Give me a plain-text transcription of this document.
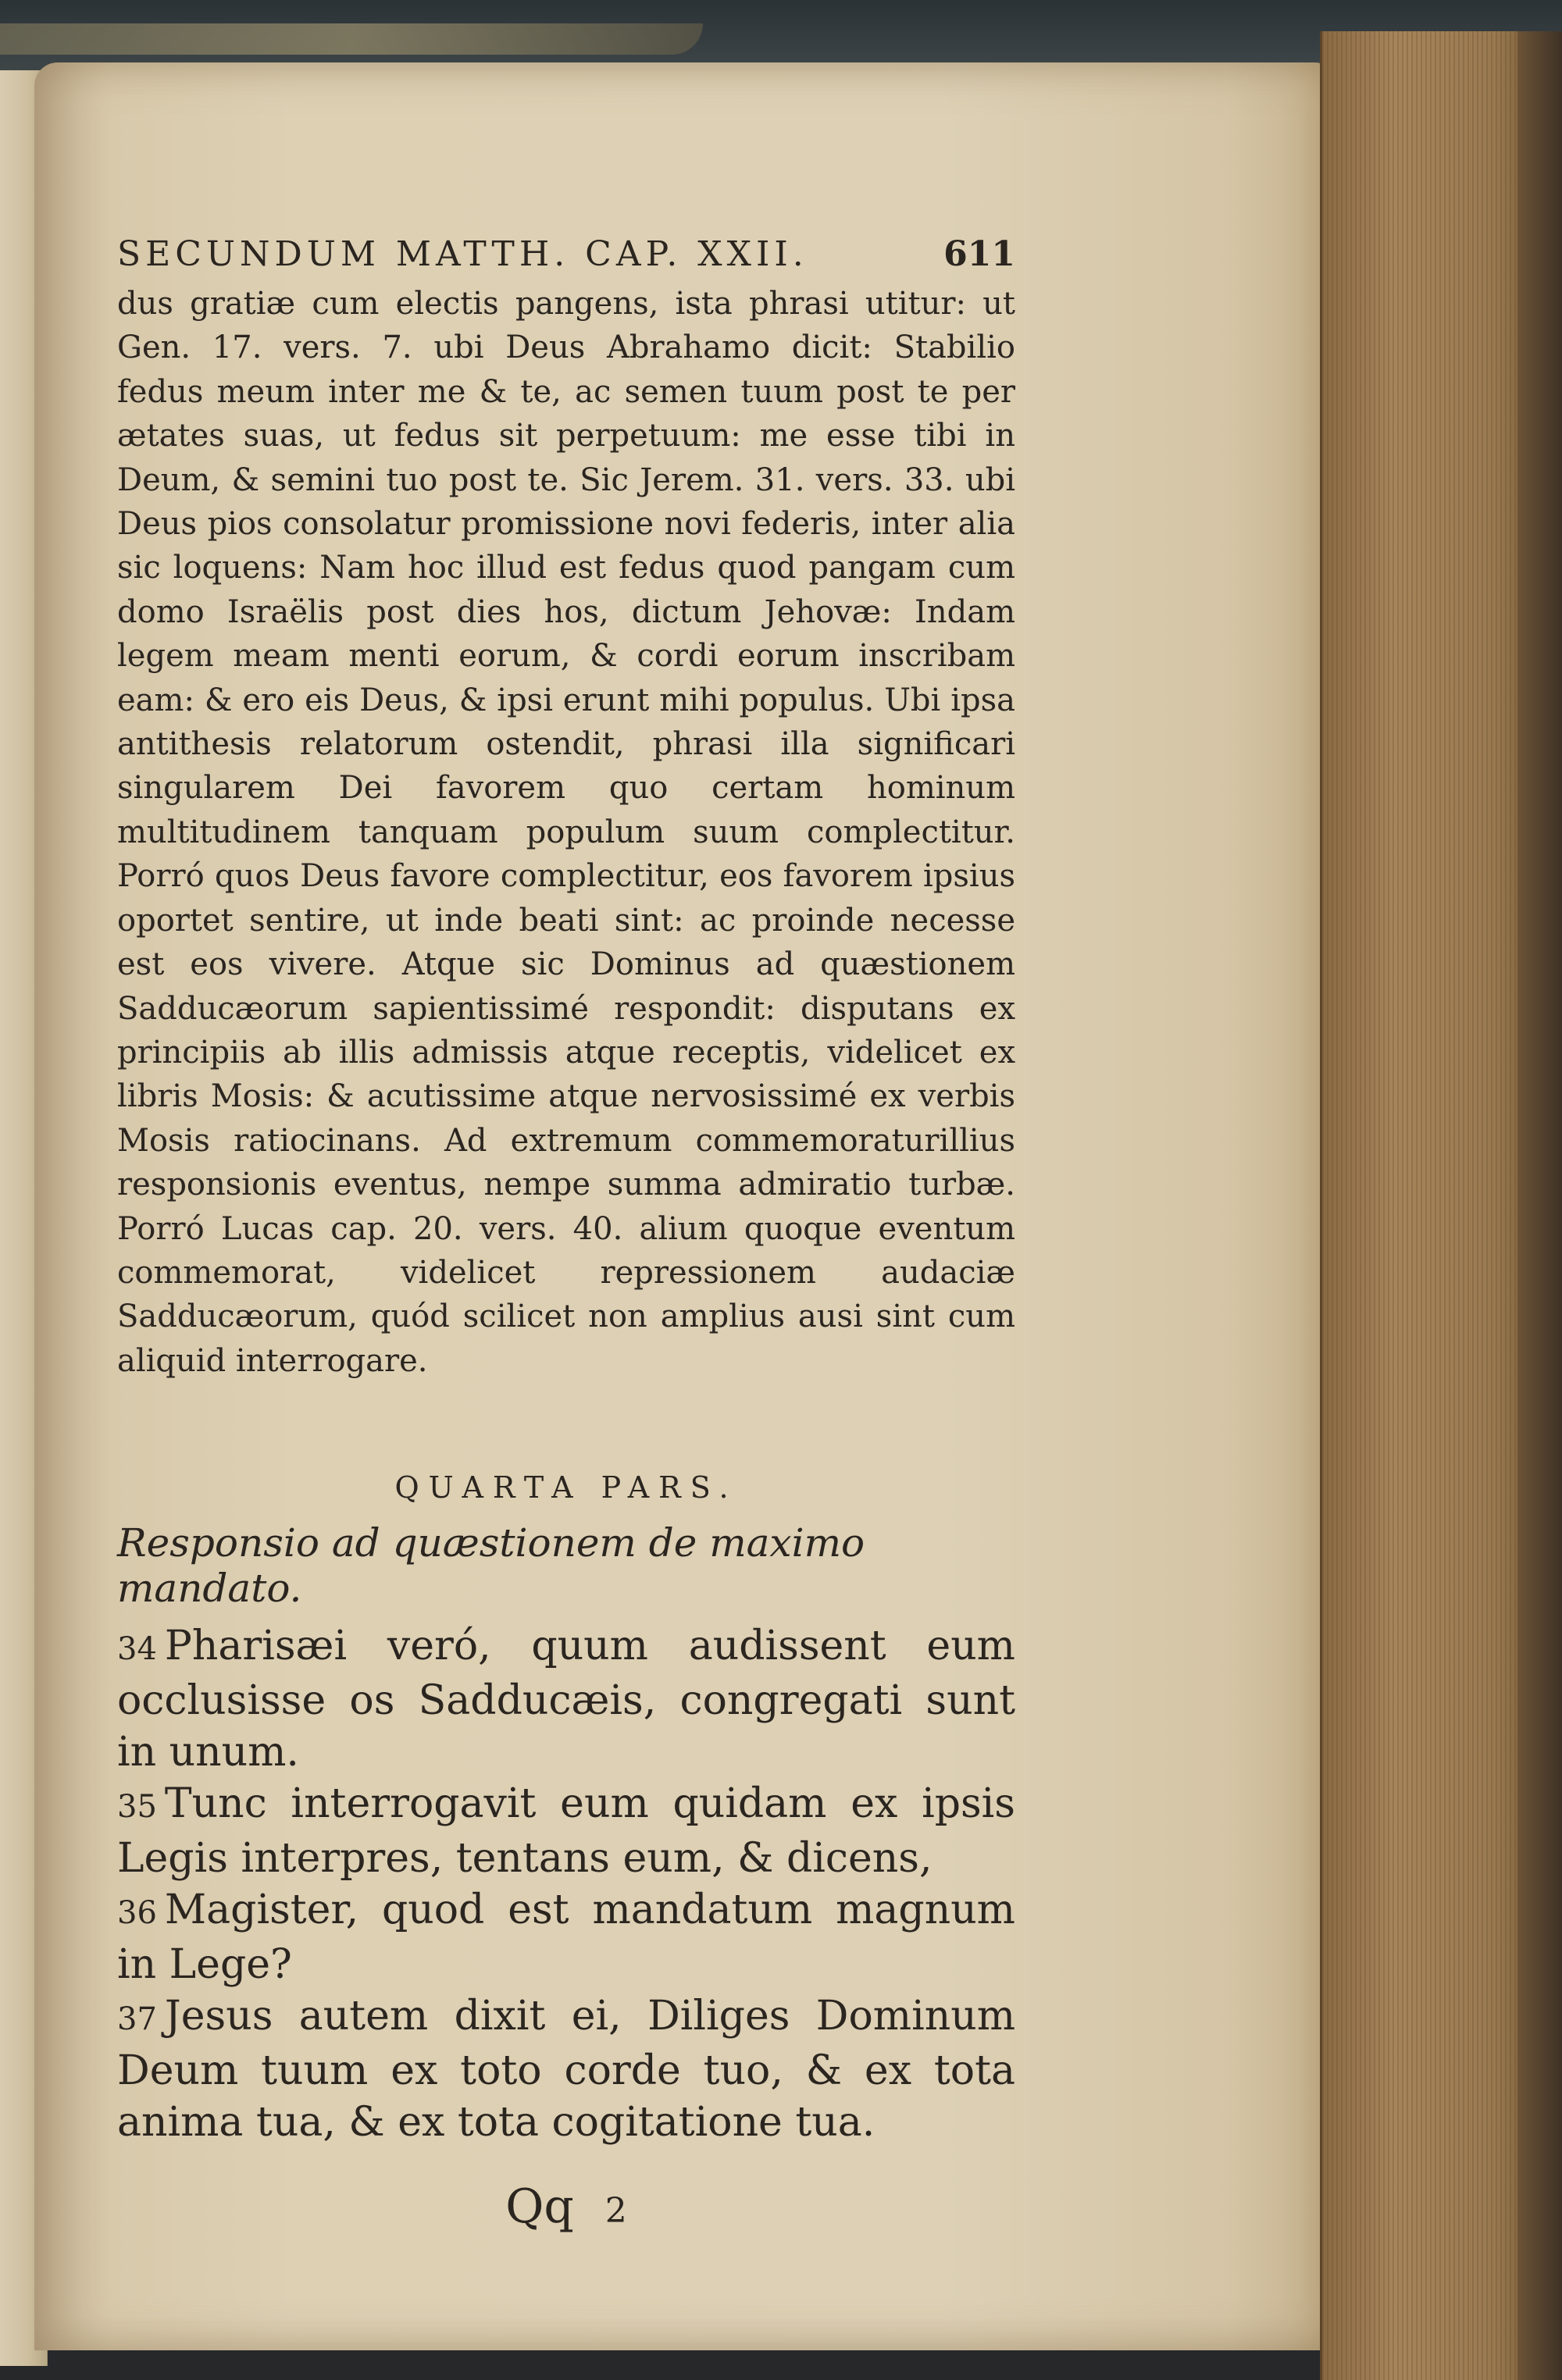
SECUNDUM MATTH. CAP. XXII.	611

dus gratiæ cum electis pangens, ista phrasi utitur: ut Gen. 17. vers. 7. ubi Deus Abrahamo dicit: Stabilio fedus meum inter me & te, ac semen tuum post te per ætates suas, ut fedus sit perpetuum: me esse tibi in Deum, & semini tuo post te. Sic Jerem. 31. vers. 33. ubi Deus pios consolatur promissione novi federis, inter alia sic loquens: Nam hoc illud est fedus quod pangam cum domo Israëlis post dies hos, dictum Jehovæ: Indam legem meam menti eorum, & cordi eorum inscribam eam: & ero eis Deus, & ipsi erunt mihi populus. Ubi ipsa antithesis relatorum ostendit, phrasi illa significari singularem Dei favorem quo certam hominum multitudinem tanquam populum suum complectitur. Porró quos Deus favore complectitur, eos favorem ipsius oportet sentire, ut inde beati sint: ac proinde necesse est eos vivere. Atque sic Dominus ad quæstionem Sadducæorum sapientissimé respondit: disputans ex principiis ab illis admissis atque receptis, videlicet ex libris Mosis: & acutissime atque nervosissimé ex verbis Mosis ratiocinans. Ad extremum commemoraturillius responsionis eventus, nempe summa admiratio turbæ. Porró Lucas cap. 20. vers. 40. alium quoque eventum commemorat, videlicet repressionem audaciæ Sadducæorum, quód scilicet non amplius ausi sint cum aliquid interrogare.

QUARTA PARS.
Responsio ad quæstionem de maximo mandato.

34 Pharisæi veró, quum audissent eum occlusisse os Sadducæis, congregati sunt in unum.

35 Tunc interrogavit eum quidam ex ipsis Legis interpres, tentans eum, & dicens,

36 Magister, quod est mandatum magnum in Lege?

37 Jesus autem dixit ei, Diliges Dominum Deum tuum ex toto corde tuo, & ex tota anima tua, & ex tota cogitatione tua.

Qq 2
